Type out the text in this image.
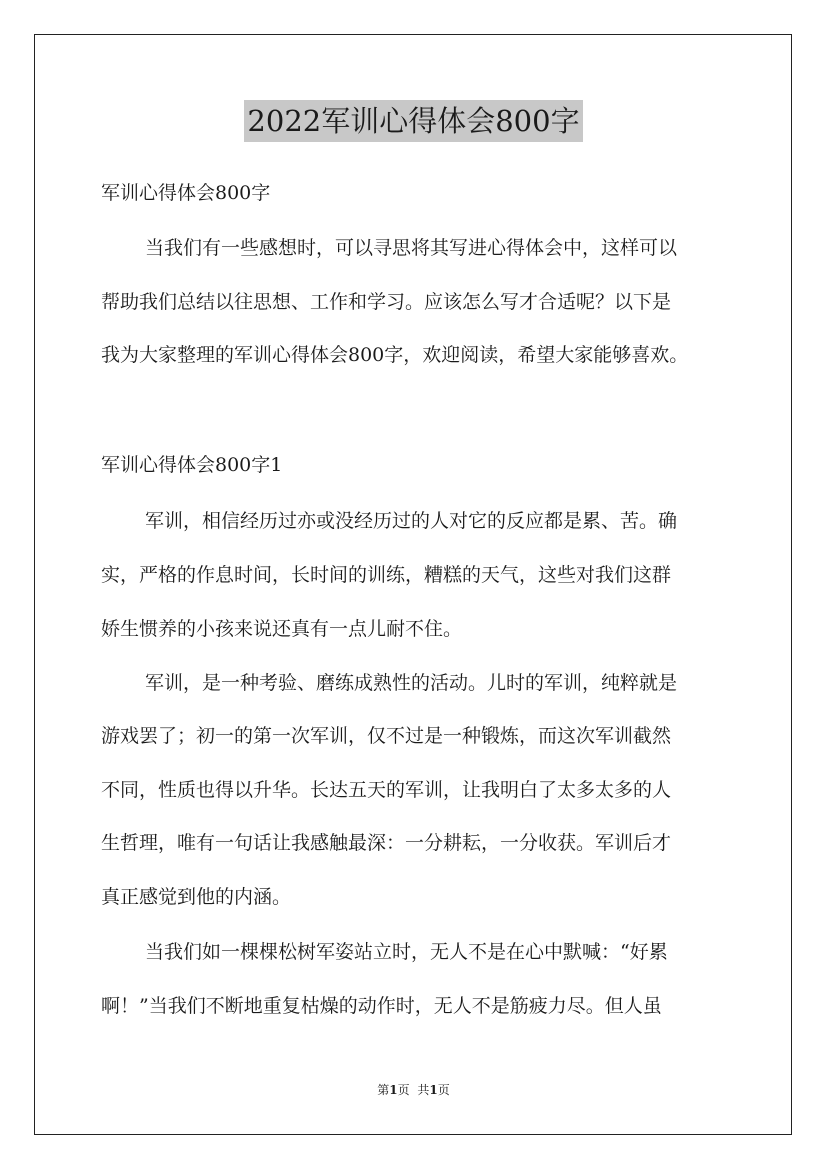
2022军训心得体会800字
军训心得体会800字
当我们有一些感想时，可以寻思将其写进心得体会中，这样可以
帮助我们总结以往思想、工作和学习。应该怎么写才合适呢？以下是
我为大家整理的军训心得体会800字，欢迎阅读，希望大家能够喜欢。
军训心得体会800字1
军训，相信经历过亦或没经历过的人对它的反应都是累、苦。确
实，严格的作息时间，长时间的训练，糟糕的天气，这些对我们这群
娇生惯养的小孩来说还真有一点儿耐不住。
军训，是一种考验、磨练成熟性的活动。儿时的军训，纯粹就是
游戏罢了；初一的第一次军训，仅不过是一种锻炼，而这次军训截然
不同，性质也得以升华。长达五天的军训，让我明白了太多太多的人
生哲理，唯有一句话让我感触最深：一分耕耘，一分收获。军训后才
真正感觉到他的内涵。
当我们如一棵棵松树军姿站立时，无人不是在心中默喊：“好累
啊！”当我们不断地重复枯燥的动作时，无人不是筋疲力尽。但人虽
第1页 共1页
